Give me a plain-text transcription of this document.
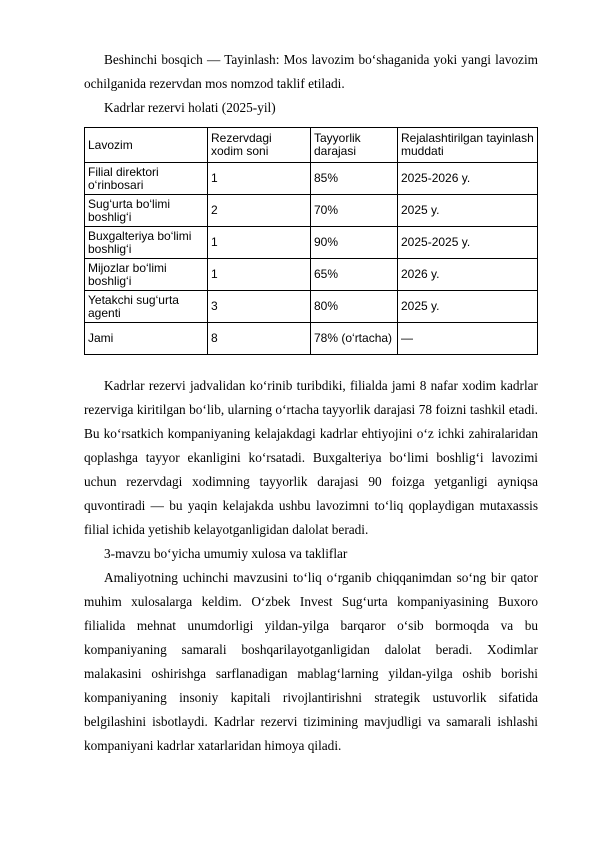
Beshinchi bosqich — Tayinlash: Mos lavozim bo‘shaganida yoki yangi lavozim ochilganida rezervdan mos nomzod taklif etiladi.

Kadrlar rezervi holati (2025-yil)

Lavozim	Rezervdagi xodim soni	Tayyorlik darajasi	Rejalashtirilgan tayinlash muddati
Filial direktori o‘rinbosari	1	85%	2025-2026 y.
Sug‘urta bo‘limi boshlig‘i	2	70%	2025 y.
Buxgalteriya bo‘limi boshlig‘i	1	90%	2025-2025 y.
Mijozlar bo‘limi boshlig‘i	1	65%	2026 y.
Yetakchi sug‘urta agenti	3	80%	2025 y.
Jami	8	78% (o‘rtacha)	—

Kadrlar rezervi jadvalidan ko‘rinib turibdiki, filialda jami 8 nafar xodim kadrlar rezerviga kiritilgan bo‘lib, ularning o‘rtacha tayyorlik darajasi 78 foizni tashkil etadi. Bu ko‘rsatkich kompaniyaning kelajakdagi kadrlar ehtiyojini o‘z ichki zahiralaridan qoplashga tayyor ekanligini ko‘rsatadi. Buxgalteriya bo‘limi boshlig‘i lavozimi uchun rezervdagi xodimning tayyorlik darajasi 90 foizga yetganligi ayniqsa quvontiradi — bu yaqin kelajakda ushbu lavozimni to‘liq qoplaydigan mutaxassis filial ichida yetishib kelayotganligidan dalolat beradi.

3-mavzu bo‘yicha umumiy xulosa va takliflar

Amaliyotning uchinchi mavzusini to‘liq o‘rganib chiqqanimdan so‘ng bir qator muhim xulosalarga keldim. O‘zbek Invest Sug‘urta kompaniyasining Buxoro filialida mehnat unumdorligi yildan-yilga barqaror o‘sib bormoqda va bu kompaniyaning samarali boshqarilayotganligidan dalolat beradi. Xodimlar malakasini oshirishga sarflanadigan mablag‘larning yildan-yilga oshib borishi kompaniyaning insoniy kapitali rivojlantirishni strategik ustuvorlik sifatida belgilashini isbotlaydi. Kadrlar rezervi tizimining mavjudligi va samarali ishlashi kompaniyani kadrlar xatarlaridan himoya qiladi.
